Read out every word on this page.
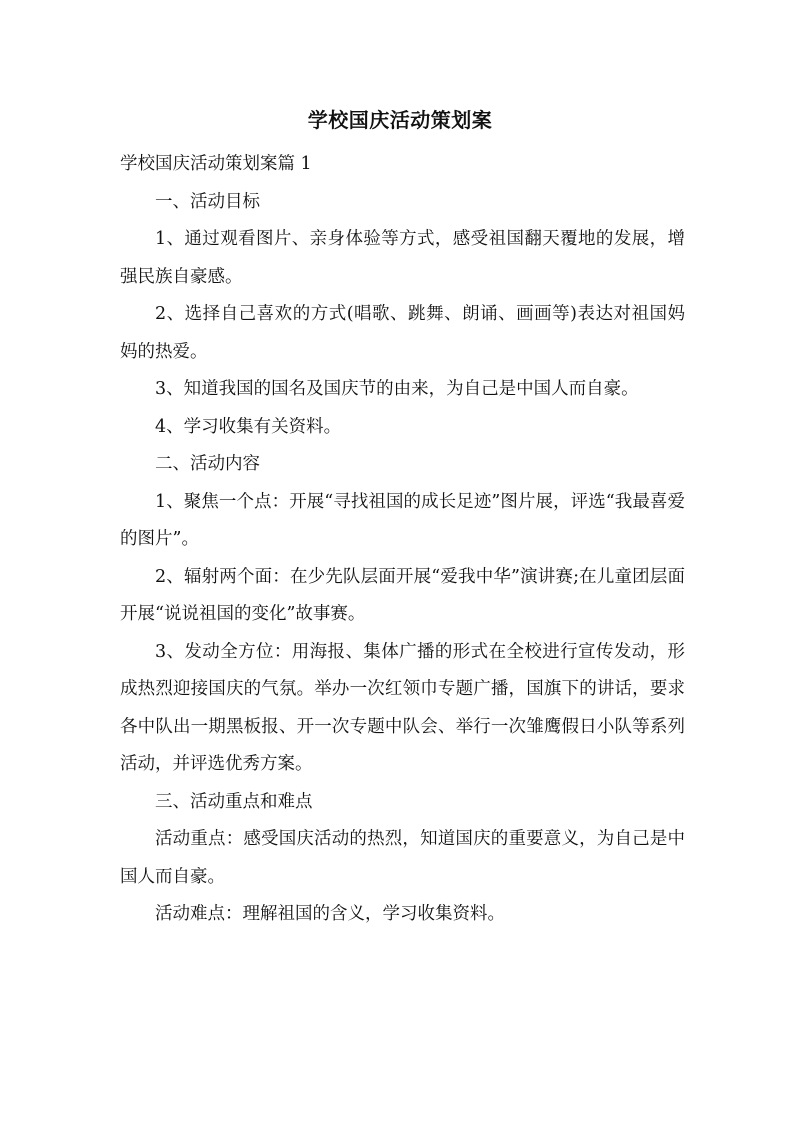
学校国庆活动策划案

学校国庆活动策划案篇 1

一、活动目标

1、通过观看图片、亲身体验等方式，感受祖国翻天覆地的发展，增强民族自豪感。

2、选择自己喜欢的方式(唱歌、跳舞、朗诵、画画等)表达对祖国妈妈的热爱。

3、知道我国的国名及国庆节的由来，为自己是中国人而自豪。

4、学习收集有关资料。

二、活动内容

1、聚焦一个点：开展“寻找祖国的成长足迹”图片展，评选“我最喜爱的图片”。

2、辐射两个面：在少先队层面开展“爱我中华”演讲赛;在儿童团层面开展“说说祖国的变化”故事赛。

3、发动全方位：用海报、集体广播的形式在全校进行宣传发动，形成热烈迎接国庆的气氛。举办一次红领巾专题广播，国旗下的讲话，要求各中队出一期黑板报、开一次专题中队会、举行一次雏鹰假日小队等系列活动，并评选优秀方案。

三、活动重点和难点

活动重点：感受国庆活动的热烈，知道国庆的重要意义，为自己是中国人而自豪。

活动难点：理解祖国的含义，学习收集资料。
